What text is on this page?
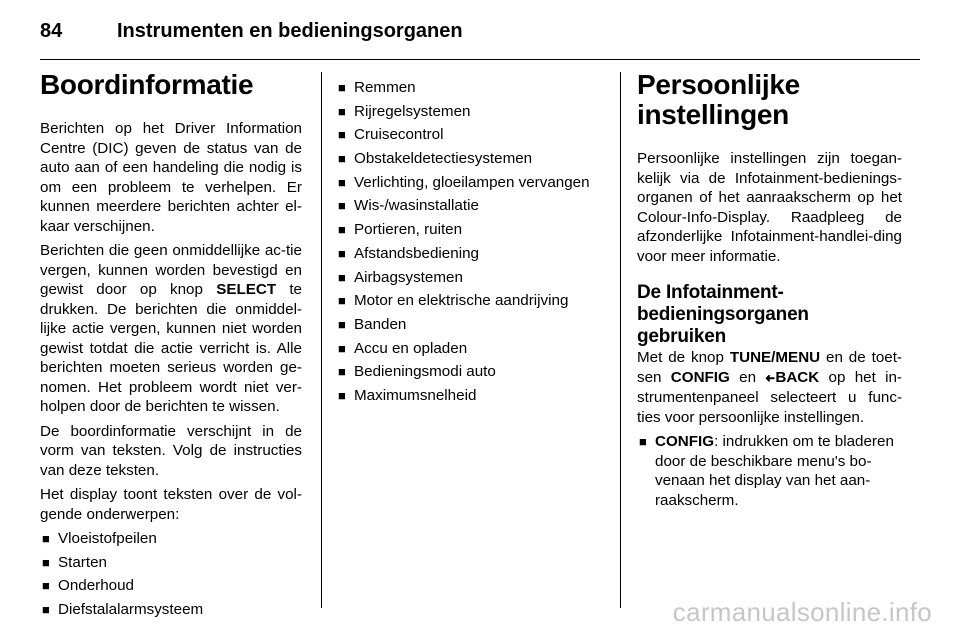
84	Instrumenten en bedieningsorganen
Boordinformatie

Berichten op het Driver Information Centre (DIC) geven de status van de auto aan of een handeling die nodig is om een probleem te verhelpen. Er kunnen meerdere berichten achter el-kaar verschijnen.

Berichten die geen onmiddellijke ac-tie vergen, kunnen worden bevestigd en gewist door op knop SELECT te drukken. De berichten die onmiddel-lijke actie vergen, kunnen niet worden gewist totdat die actie verricht is. Alle berichten moeten serieus worden ge-nomen. Het probleem wordt niet ver-holpen door de berichten te wissen.

De boordinformatie verschijnt in de vorm van teksten. Volg de instructies van deze teksten.

Het display toont teksten over de vol-gende onderwerpen:

■ Vloeistofpeilen
■ Starten
■ Onderhoud
■ Diefstalalarmsysteem
■ Remmen
■ Rijregelsystemen
■ Cruisecontrol
■ Obstakeldetectiesystemen
■ Verlichting, gloeilampen vervangen
■ Wis-/wasinstallatie
■ Portieren, ruiten
■ Afstandsbediening
■ Airbagsystemen
■ Motor en elektrische aandrijving
■ Banden
■ Accu en opladen
■ Bedieningsmodi auto
■ Maximumsnelheid
Persoonlijke
instellingen

Persoonlijke instellingen zijn toegan-kelijk via de Infotainment-bedienings-organen of het aanraakscherm op het Colour-Info-Display. Raadpleeg de afzonderlijke Infotainment-handlei-ding voor meer informatie.

De Infotainment-
bedieningsorganen gebruiken

Met de knop TUNE/MENU en de toet-sen CONFIG en ➜BACK op het in-strumentenpaneel selecteert u func-ties voor persoonlijke instellingen.

■ CONFIG: indrukken om te bladeren door de beschikbare menu's bo-venaan het display van het aan-raakscherm.
carmanualsonline.info
